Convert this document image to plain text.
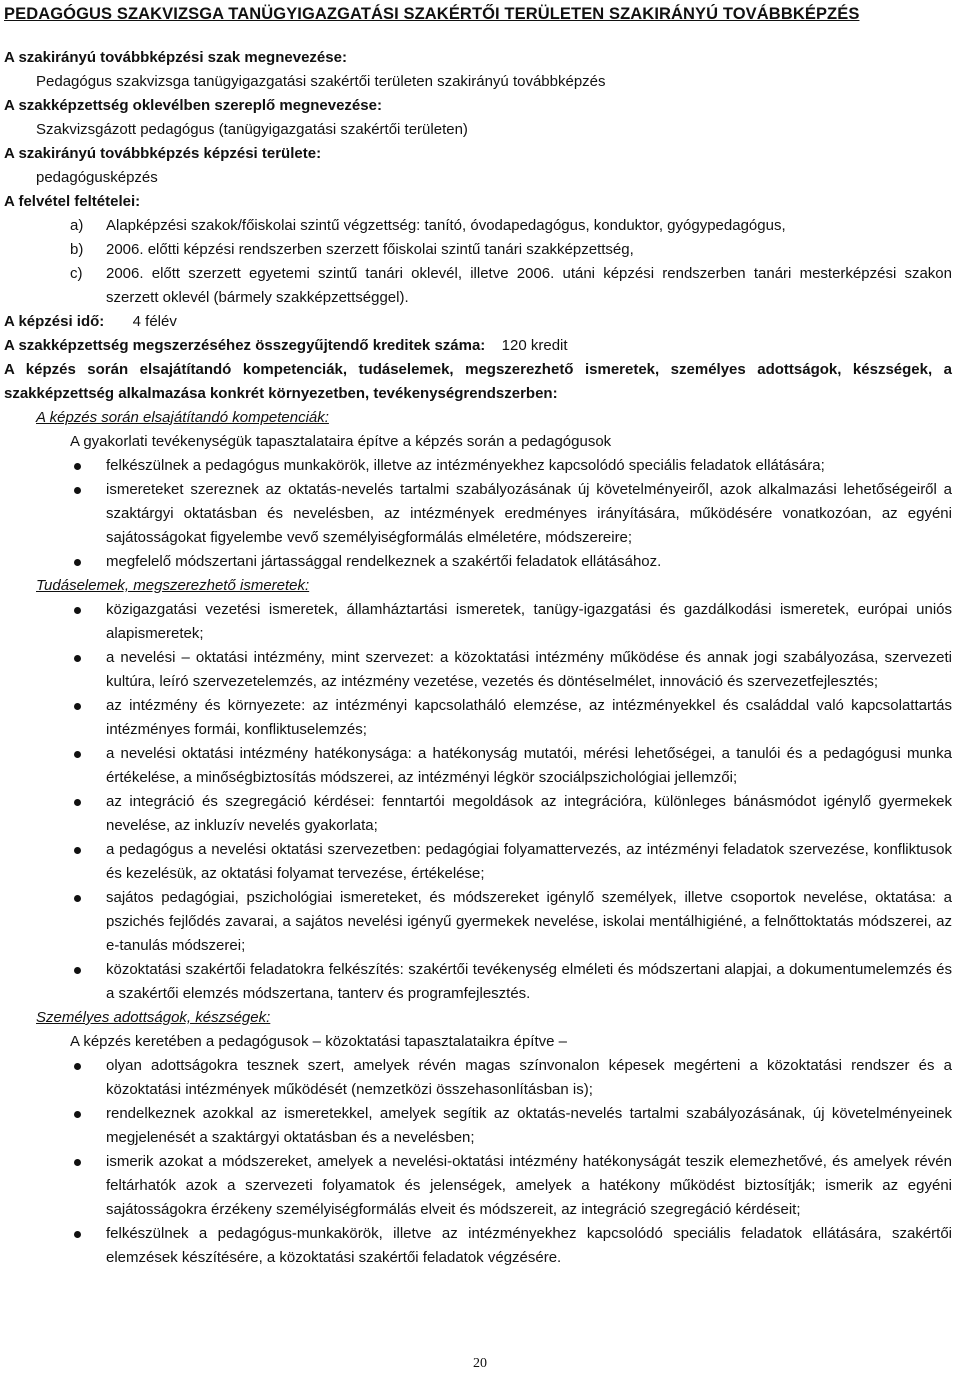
PEDAGÓGUS SZAKVIZSGA TANÜGYIGAZGATÁSI SZAKÉRTŐI TERÜLETEN SZAKIRÁNYÚ TOVÁBBKÉPZÉS
A szakirányú továbbképzési szak megnevezése:
Pedagógus szakvizsga tanügyigazgatási szakértői területen szakirányú továbbképzés
A szakképzettség oklevélben szereplő megnevezése:
Szakvizsgázott pedagógus (tanügyigazgatási szakértői területen)
A szakirányú továbbképzés képzési területe:
pedagógusképzés
A felvétel feltételei:
a)	Alapképzési szakok/főiskolai szintű végzettség: tanító, óvodapedagógus, konduktor, gyógypedagógus,
b)	2006. előtti képzési rendszerben szerzett főiskolai szintű tanári szakképzettség,
c)	2006. előtt szerzett egyetemi szintű tanári oklevél, illetve 2006. utáni képzési rendszerben tanári mesterképzési szakon szerzett oklevél (bármely szakképzettséggel).
A képzési idő: 4 félév
A szakképzettség megszerzéséhez összegyűjtendő kreditek száma: 120 kredit
A képzés során elsajátítandó kompetenciák, tudáselemek, megszerezhető ismeretek, személyes adottságok, készségek, a szakképzettség alkalmazása konkrét környezetben, tevékenységrendszerben:
A képzés során elsajátítandó kompetenciák:
A gyakorlati tevékenységük tapasztalataira építve a képzés során a pedagógusok
felkészülnek a pedagógus munkakörök, illetve az intézményekhez kapcsolódó speciális feladatok ellátására;
ismereteket szereznek az oktatás-nevelés tartalmi szabályozásának új követelményeiről, azok alkalmazási lehetőségeiről a szaktárgyi oktatásban és nevelésben, az intézmények eredményes irányítására, működésére vonatkozóan, az egyéni sajátosságokat figyelembe vevő személyiségformálás elméletére, módszereire;
megfelelő módszertani jártassággal rendelkeznek a szakértői feladatok ellátásához.
Tudáselemek, megszerezhető ismeretek:
közigazgatási vezetési ismeretek, államháztartási ismeretek, tanügy-igazgatási és gazdálkodási ismeretek, európai uniós alapismeretek;
a nevelési – oktatási intézmény, mint szervezet: a közoktatási intézmény működése és annak jogi szabályozása, szervezeti kultúra, leíró szervezetelemzés, az intézmény vezetése, vezetés és döntéselmélet, innováció és szervezetfejlesztés;
az intézmény és környezete: az intézményi kapcsolatháló elemzése, az intézményekkel és családdal való kapcsolattartás intézményes formái, konfliktuselemzés;
a nevelési oktatási intézmény hatékonysága: a hatékonyság mutatói, mérési lehetőségei, a tanulói és a pedagógusi munka értékelése, a minőségbiztosítás módszerei, az intézményi légkör szociálpszichológiai jellemzői;
az integráció és szegregáció kérdései: fenntartói megoldások az integrációra, különleges bánásmódot igénylő gyermekek nevelése, az inkluzív nevelés gyakorlata;
a pedagógus a nevelési oktatási szervezetben: pedagógiai folyamattervezés, az intézményi feladatok szervezése, konfliktusok és kezelésük, az oktatási folyamat tervezése, értékelése;
sajátos pedagógiai, pszichológiai ismereteket, és módszereket igénylő személyek, illetve csoportok nevelése, oktatása: a pszichés fejlődés zavarai, a sajátos nevelési igényű gyermekek nevelése, iskolai mentálhigiéné, a felnőttoktatás módszerei, az e-tanulás módszerei;
közoktatási szakértői feladatokra felkészítés: szakértői tevékenység elméleti és módszertani alapjai, a dokumentumelemzés és a szakértői elemzés módszertana, tanterv és programfejlesztés.
Személyes adottságok, készségek:
A képzés keretében a pedagógusok – közoktatási tapasztalataikra építve –
olyan adottságokra tesznek szert, amelyek révén magas színvonalon képesek megérteni a közoktatási rendszer és a közoktatási intézmények működését (nemzetközi összehasonlításban is);
rendelkeznek azokkal az ismeretekkel, amelyek segítik az oktatás-nevelés tartalmi szabályozásának, új követelményeinek megjelenését a szaktárgyi oktatásban és a nevelésben;
ismerik azokat a módszereket, amelyek a nevelési-oktatási intézmény hatékonyságát teszik elemezhetővé, és amelyek révén feltárhatók azok a szervezeti folyamatok és jelenségek, amelyek a hatékony működést biztosítják; ismerik az egyéni sajátosságokra érzékeny személyiségformálás elveit és módszereit, az integráció szegregáció kérdéseit;
felkészülnek a pedagógus-munkakörök, illetve az intézményekhez kapcsolódó speciális feladatok ellátására, szakértői elemzések készítésére, a közoktatási szakértői feladatok végzésére.
20
